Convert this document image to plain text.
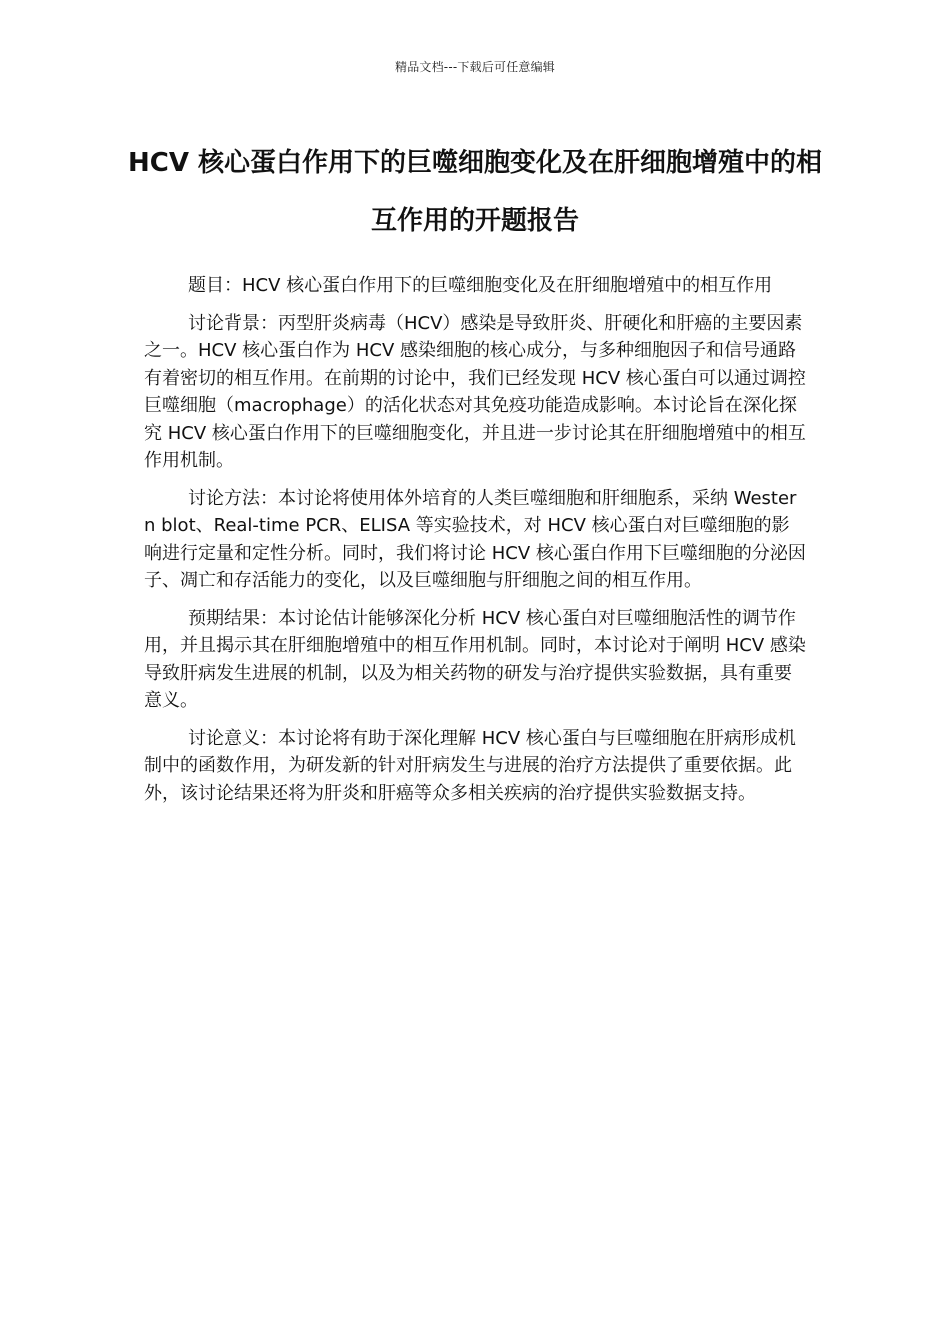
精品文档---下载后可任意编辑
HCV 核心蛋白作用下的巨噬细胞变化及在肝细胞增殖中的相互作用的开题报告

题目：HCV 核心蛋白作用下的巨噬细胞变化及在肝细胞增殖中的相互作用

讨论背景：丙型肝炎病毒（HCV）感染是导致肝炎、肝硬化和肝癌的主要因素之一。HCV 核心蛋白作为 HCV 感染细胞的核心成分，与多种细胞因子和信号通路有着密切的相互作用。在前期的讨论中，我们已经发现 HCV 核心蛋白可以通过调控巨噬细胞（macrophage）的活化状态对其免疫功能造成影响。本讨论旨在深化探究 HCV 核心蛋白作用下的巨噬细胞变化，并且进一步讨论其在肝细胞增殖中的相互作用机制。

讨论方法：本讨论将使用体外培育的人类巨噬细胞和肝细胞系，采纳 Western blot、Real-time PCR、ELISA 等实验技术，对 HCV 核心蛋白对巨噬细胞的影响进行定量和定性分析。同时，我们将讨论 HCV 核心蛋白作用下巨噬细胞的分泌因子、凋亡和存活能力的变化，以及巨噬细胞与肝细胞之间的相互作用。

预期结果：本讨论估计能够深化分析 HCV 核心蛋白对巨噬细胞活性的调节作用，并且揭示其在肝细胞增殖中的相互作用机制。同时，本讨论对于阐明 HCV 感染导致肝病发生进展的机制，以及为相关药物的研发与治疗提供实验数据，具有重要意义。

讨论意义：本讨论将有助于深化理解 HCV 核心蛋白与巨噬细胞在肝病形成机制中的函数作用，为研发新的针对肝病发生与进展的治疗方法提供了重要依据。此外，该讨论结果还将为肝炎和肝癌等众多相关疾病的治疗提供实验数据支持。
